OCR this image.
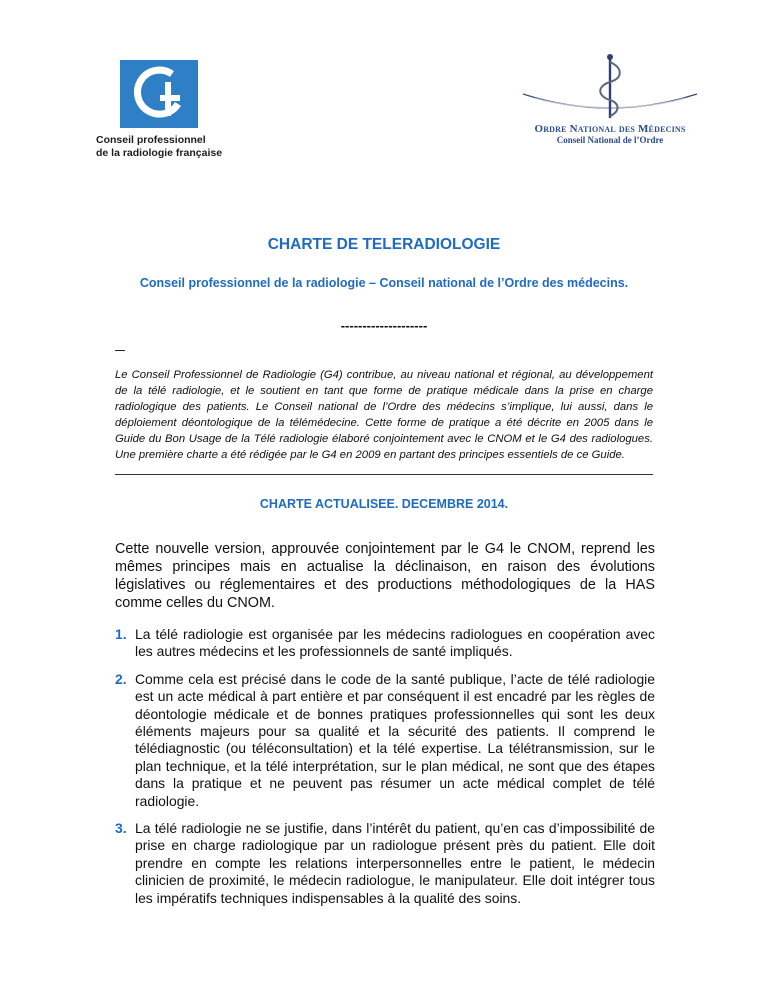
Conseil professionnel
de la radiologie française
Ordre National des Médecins
Conseil National de l’Ordre
CHARTE DE TELERADIOLOGIE
Conseil professionnel de la radiologie – Conseil national de l’Ordre des médecins.
--------------------
Le Conseil Professionnel de Radiologie (G4) contribue, au niveau national et régional, au développement de la télé radiologie, et le soutient en tant que forme de pratique médicale dans la prise en charge radiologique des patients. Le Conseil national de l’Ordre des médecins s’implique, lui aussi, dans le déploiement déontologique de la télémédecine. Cette forme de pratique a été décrite en 2005 dans le Guide du Bon Usage de la Télé radiologie élaboré conjointement avec le CNOM et le G4 des radiologues. Une première charte a été rédigée par le G4 en 2009 en partant des principes essentiels de ce Guide.
CHARTE ACTUALISEE. DECEMBRE 2014.
Cette nouvelle version, approuvée conjointement par le G4 le CNOM, reprend les mêmes principes mais en actualise la déclinaison, en raison des évolutions législatives ou réglementaires et des productions méthodologiques de la HAS comme celles du CNOM.
1. La télé radiologie est organisée par les médecins radiologues en coopération avec les autres médecins et les professionnels de santé impliqués.
2. Comme cela est précisé dans le code de la santé publique, l’acte de télé radiologie est un acte médical à part entière et par conséquent il est encadré par les règles de déontologie médicale et de bonnes pratiques professionnelles qui sont les deux éléments majeurs pour sa qualité et la sécurité des patients. Il comprend le télédiagnostic (ou téléconsultation) et la télé expertise. La télétransmission, sur le plan technique, et la télé interprétation, sur le plan médical, ne sont que des étapes dans la pratique et ne peuvent pas résumer un acte médical complet de télé radiologie.
3. La télé radiologie ne se justifie, dans l’intérêt du patient, qu’en cas d’impossibilité de prise en charge radiologique par un radiologue présent près du patient. Elle doit prendre en compte les relations interpersonnelles entre le patient, le médecin clinicien de proximité, le médecin radiologue, le manipulateur. Elle doit intégrer tous les impératifs techniques indispensables à la qualité des soins.
